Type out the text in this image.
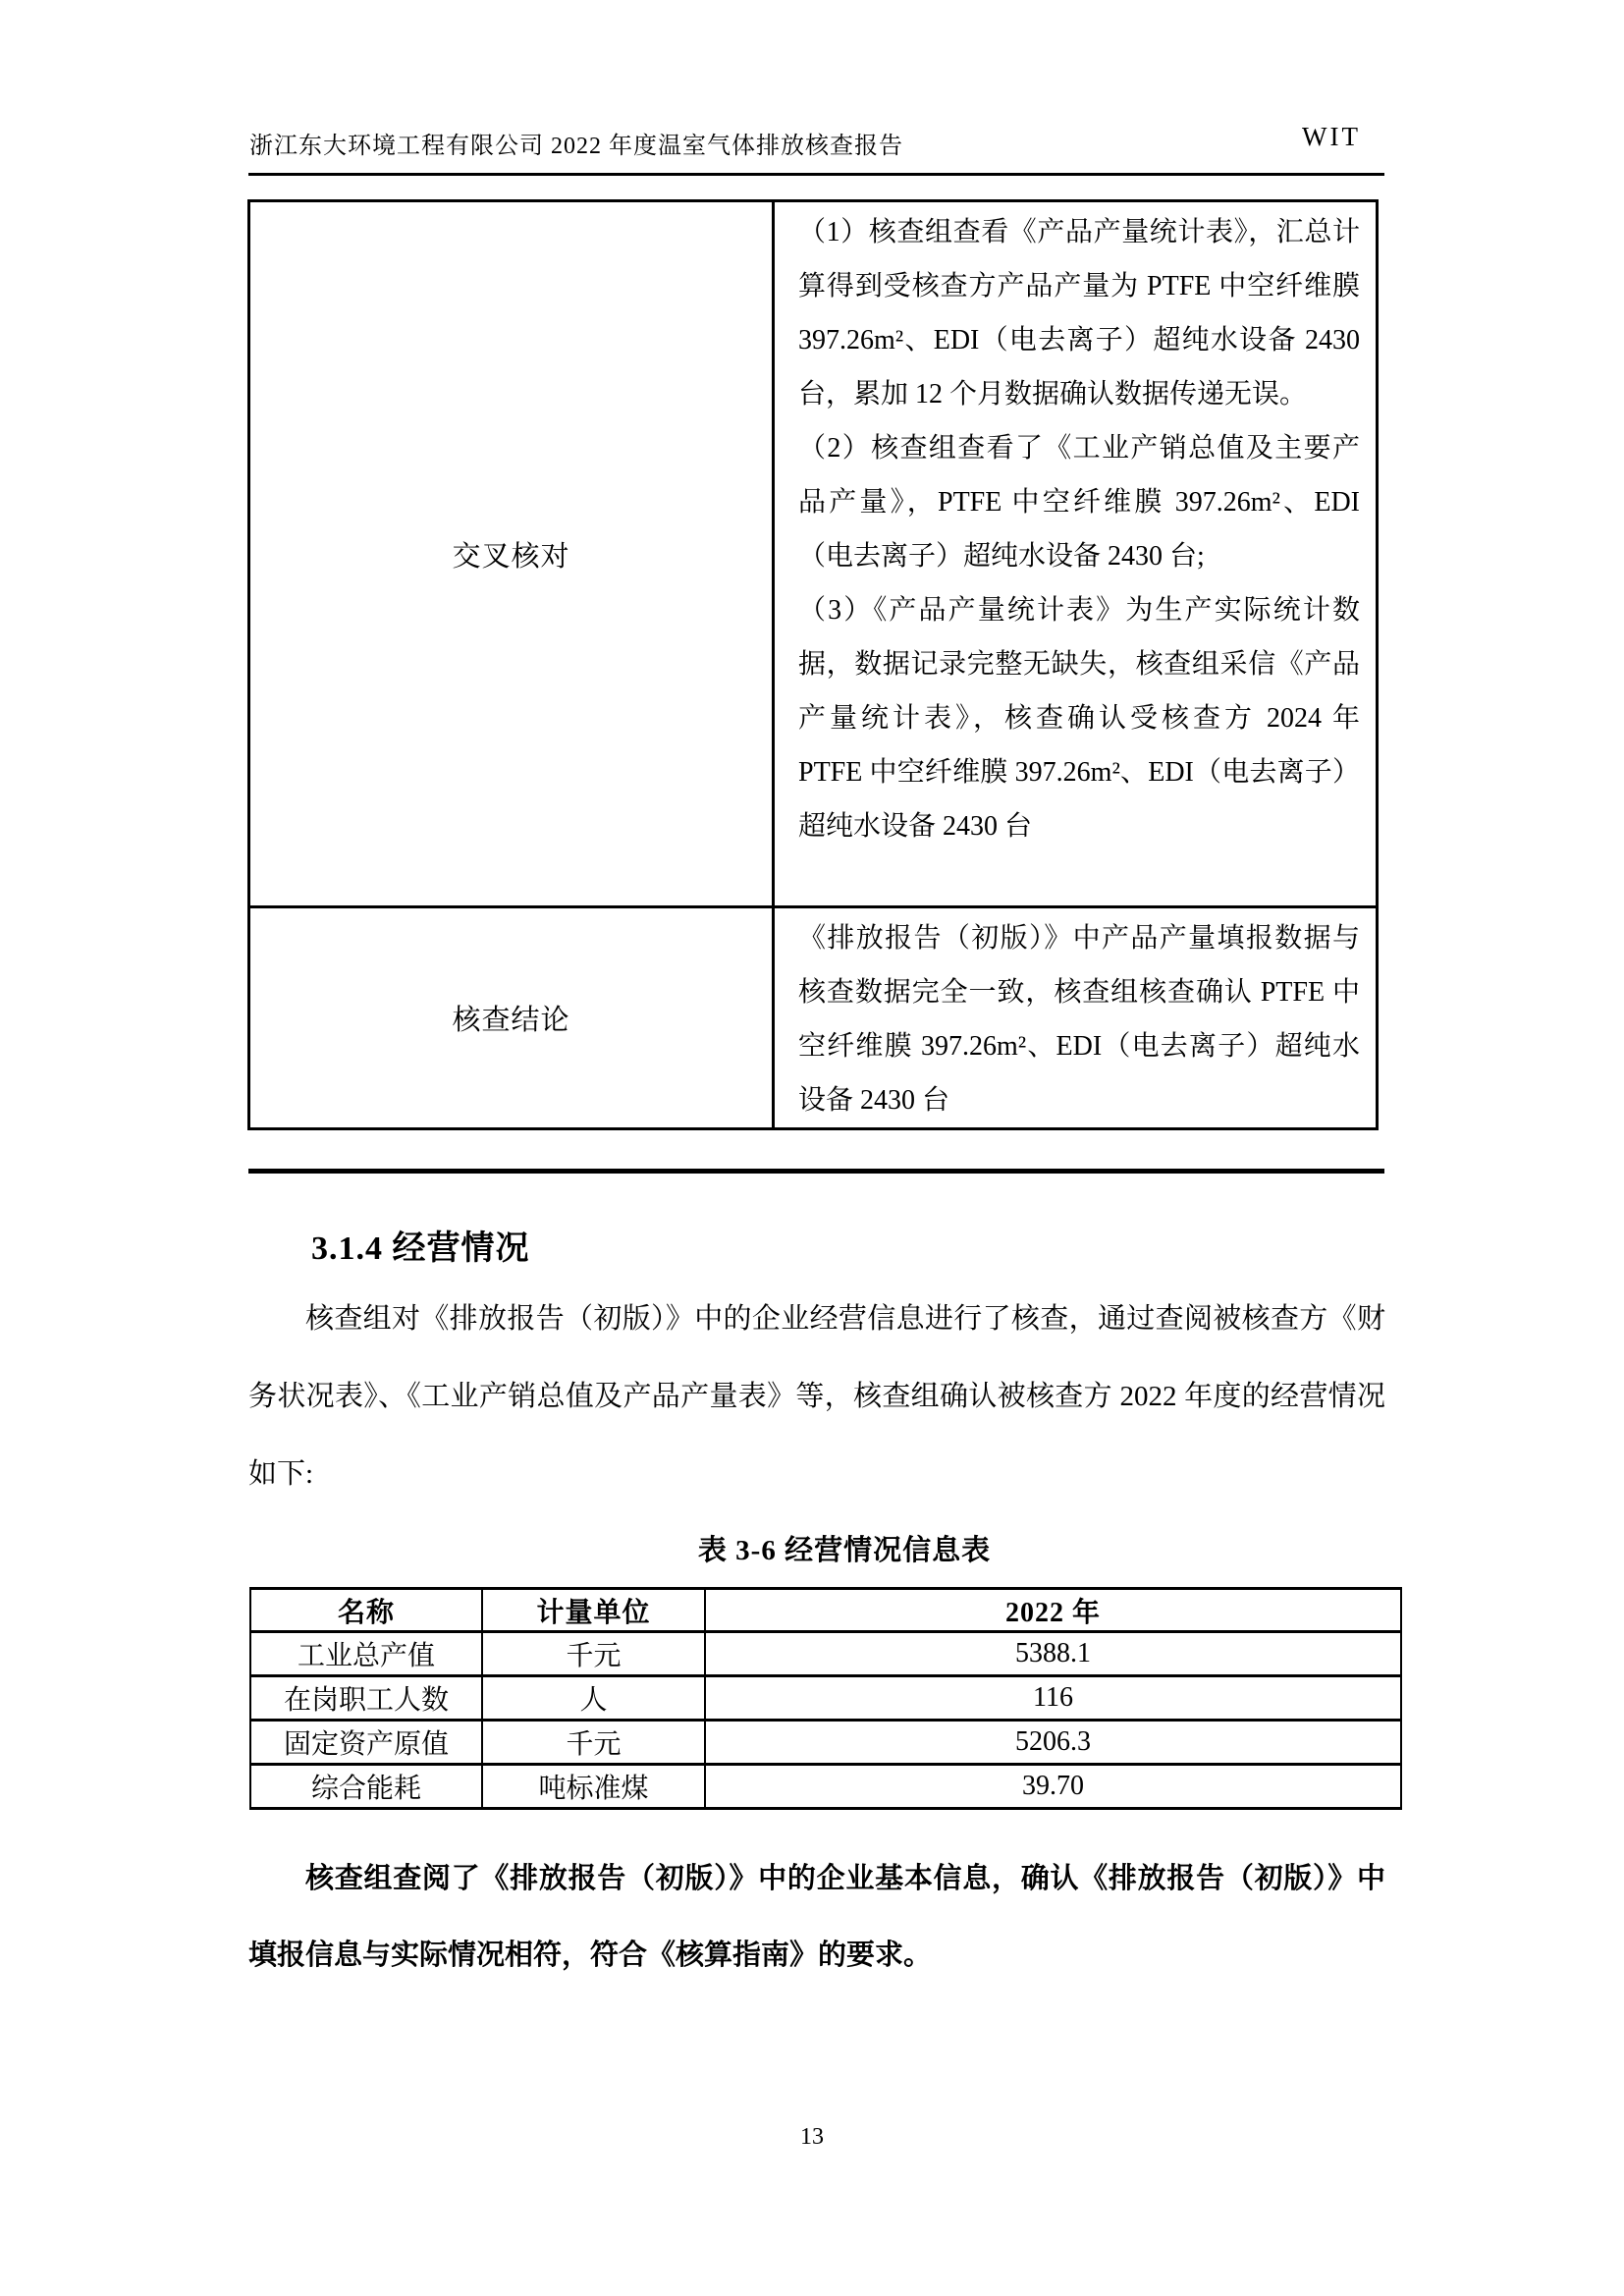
浙江东大环境工程有限公司 2022 年度温室气体排放核查报告	WIT
交叉核对	（1）核查组查看《产品产量统计表》，汇总计算得到受核查方产品产量为 PTFE 中空纤维膜 397.26m²、EDI（电去离子）超纯水设备 2430 台，累加 12 个月数据确认数据传递无误。

（2）核查组查看了《工业产销总值及主要产品产量》，PTFE 中空纤维膜 397.26m²、EDI（电去离子）超纯水设备 2430 台;

（3）《产品产量统计表》为生产实际统计数据，数据记录完整无缺失，核查组采信《产品产量统计表》，核查确认受核查方 2024 年 PTFE 中空纤维膜 397.26m²、EDI（电去离子）超纯水设备 2430 台

核查结论	《排放报告（初版）》中产品产量填报数据与核查数据完全一致，核查组核查确认 PTFE 中空纤维膜 397.26m²、EDI（电去离子）超纯水设备 2430 台

3.1.4 经营情况

核查组对《排放报告（初版）》中的企业经营信息进行了核查，通过查阅被核查方《财务状况表》、《工业产销总值及产品产量表》等，核查组确认被核查方 2022 年度的经营情况如下:

表 3-6 经营情况信息表
名称	计量单位	2022 年
工业总产值	千元	5388.1
在岗职工人数	人	116
固定资产原值	千元	5206.3
综合能耗	吨标准煤	39.70

核查组查阅了《排放报告（初版）》中的企业基本信息，确认《排放报告（初版）》中填报信息与实际情况相符，符合《核算指南》的要求。

13
